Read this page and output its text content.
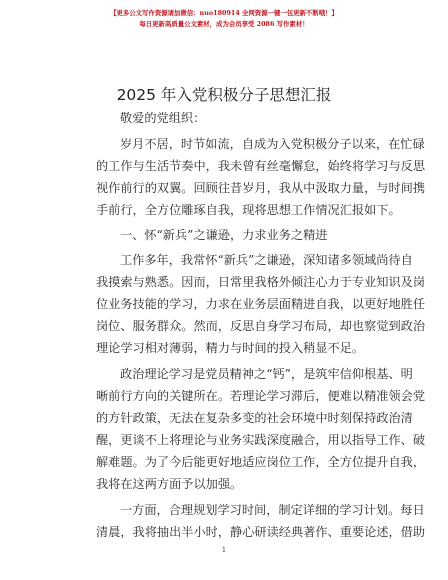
【更多公文写作资源请加微信：nuo180914 全网资源一键一包更新不断哦！】
每日更新高质量公文素材，成为会员享受 2086 写作素材！
2025 年入党积极分子思想汇报
敬爱的党组织：
岁月不居，时节如流，自成为入党积极分子以来，在忙碌
的工作与生活节奏中，我未曾有丝毫懈怠，始终将学习与反思
视作前行的双翼。回顾往昔岁月，我从中汲取力量，与时间携
手前行，全方位雕琢自我，现将思想工作情况汇报如下。
一、怀“新兵”之谦逊，力求业务之精进
工作多年，我常怀“新兵”之谦逊，深知诸多领域尚待自
我摸索与熟悉。因而，日常里我格外倾注心力于专业知识及岗
位业务技能的学习，力求在业务层面精进自我，以更好地胜任
岗位、服务群众。然而，反思自身学习布局，却也察觉到政治
理论学习相对薄弱，精力与时间的投入稍显不足。
政治理论学习是党员精神之“钙”，是筑牢信仰根基、明
晰前行方向的关键所在。若理论学习滞后，便难以精准领会党
的方针政策，无法在复杂多变的社会环境中时刻保持政治清
醒，更谈不上将理论与业务实践深度融合，用以指导工作、破
解难题。为了今后能更好地适应岗位工作，全方位提升自我，
我将在这两方面予以加强。
一方面，合理规划学习时间，制定详细的学习计划。每日
清晨，我将抽出半小时，静心研读经典著作、重要论述，借助
1
